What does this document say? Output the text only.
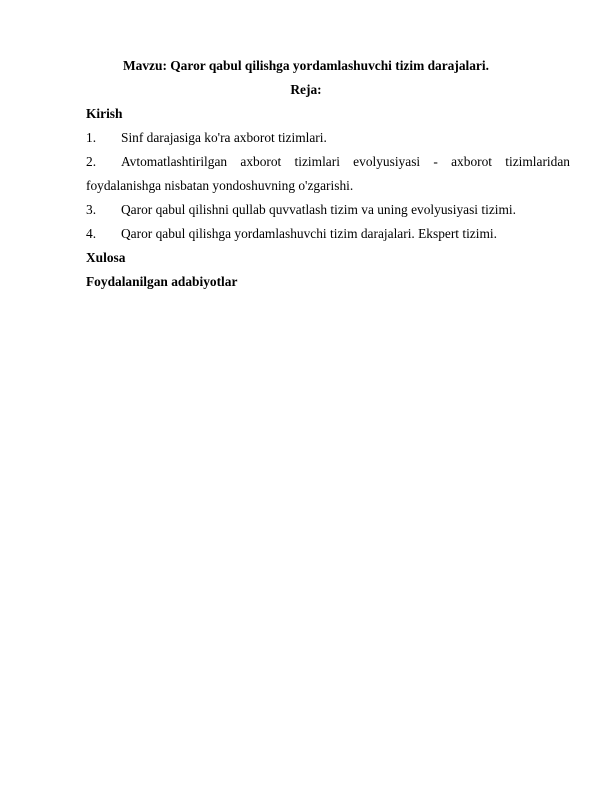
Mavzu: Qaror qabul qilishga yordamlashuvchi tizim darajalari.
Reja:
Kirish
1. Sinf darajasiga ko'ra axborot tizimlari.
2. Avtomatlashtirilgan axborot tizimlari evolyusiyasi - axborot tizimlaridan
foydalanishga nisbatan yondoshuvning o'zgarishi.
3. Qaror qabul qilishni qullab quvvatlash tizim va uning evolyusiyasi tizimi.
4. Qaror qabul qilishga yordamlashuvchi tizim darajalari. Ekspert tizimi.
Xulosa
Foydalanilgan adabiyotlar
